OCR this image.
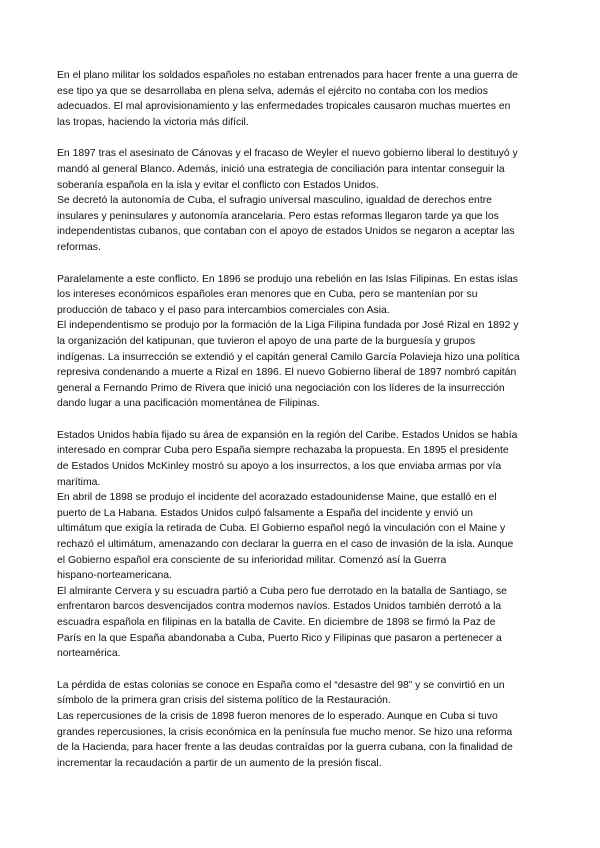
En el plano militar los soldados españoles no estaban entrenados para hacer frente a una guerra de
ese tipo ya que se desarrollaba en plena selva, además el ejército no contaba con los medios
adecuados. El mal aprovisionamiento y las enfermedades tropicales causaron muchas muertes en
las tropas, haciendo la victoria más difícil.
En 1897 tras el asesinato de Cánovas y el fracaso de Weyler el nuevo gobierno liberal lo destituyó y
mandó al general Blanco. Además, inició una estrategia de conciliación para intentar conseguir la
soberanía española en la isla y evitar el conflicto con Estados Unidos.
Se decretó la autonomía de Cuba, el sufragio universal masculino, igualdad de derechos entre
insulares y peninsulares y autonomía arancelaria. Pero estas reformas llegaron tarde ya que los
independentistas cubanos, que contaban con el apoyo de estados Unidos se negaron a aceptar las
reformas.
Paralelamente a este conflicto. En 1896 se produjo una rebelión en las Islas Filipinas. En estas islas
los intereses económicos españoles eran menores que en Cuba, pero se mantenían por su
producción de tabaco y el paso para intercambios comerciales con Asia.
El independentismo se produjo por la formación de la Liga Filipina fundada por José Rizal en 1892 y
la organización del katipunan, que tuvieron el apoyo de una parte de la burguesía y grupos
indígenas. La insurrección se extendió y el capitán general Camilo García Polavieja hizo una política
represiva condenando a muerte a Rizal en 1896. El nuevo Gobierno liberal de 1897 nombró capitán
general a Fernando Primo de Rivera que inició una negociación con los líderes de la insurrección
dando lugar a una pacificación momentánea de Filipinas.
Estados Unidos había fijado su área de expansión en la región del Caribe. Estados Unidos se había
interesado en comprar Cuba pero España siempre rechazaba la propuesta. En 1895 el presidente
de Estados Unidos McKinley mostró su apoyo a los insurrectos, a los que enviaba armas por vía
marítima.
En abril de 1898 se produjo el incidente del acorazado estadounidense Maine, que estalló en el
puerto de La Habana. Estados Unidos culpó falsamente a España del incidente y envió un
ultimátum que exigía la retirada de Cuba. El Gobierno español negó la vinculación con el Maine y
rechazó el ultimátum, amenazando con declarar la guerra en el caso de invasión de la isla. Aunque
el Gobierno español era consciente de su inferioridad militar. Comenzó así la Guerra
hispano-norteamericana.
El almirante Cervera y su escuadra partió a Cuba pero fue derrotado en la batalla de Santiago, se
enfrentaron barcos desvencijados contra modernos navíos. Estados Unidos también derrotó a la
escuadra española en filipinas en la batalla de Cavite. En diciembre de 1898 se firmó la Paz de
París en la que España abandonaba a Cuba, Puerto Rico y Filipinas que pasaron a pertenecer a
norteamérica.
La pérdida de estas colonias se conoce en España como el “desastre del 98” y se convirtió en un
símbolo de la primera gran crisis del sistema político de la Restauración.
Las repercusiones de la crisis de 1898 fueron menores de lo esperado. Aunque en Cuba si tuvo
grandes repercusiones, la crisis económica en la península fue mucho menor. Se hizo una reforma
de la Hacienda, para hacer frente a las deudas contraídas por la guerra cubana, con la finalidad de
incrementar la recaudación a partir de un aumento de la presión fiscal.
